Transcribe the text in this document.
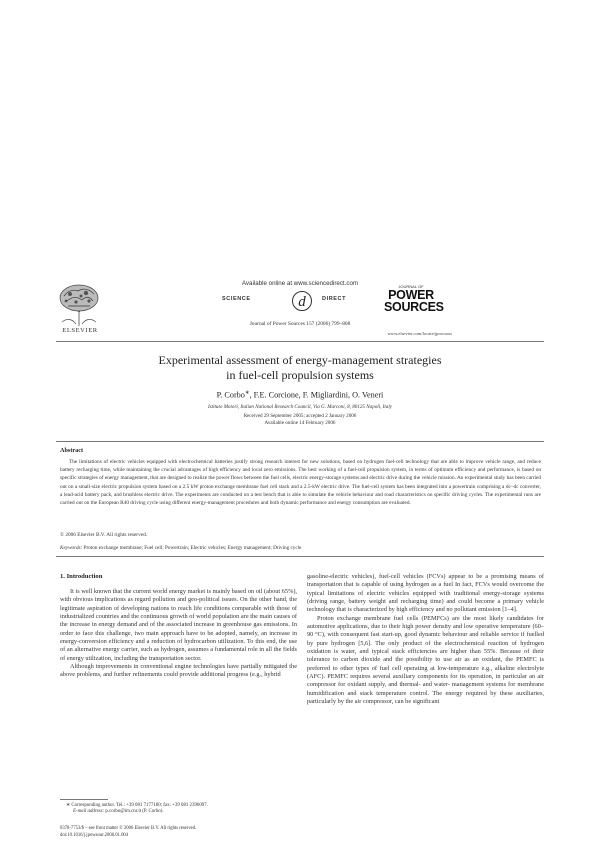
ELSEVIER
Available online at www.sciencedirect.com
SCIENCE	d	DIRECT
Journal of Power Sources 157 (2006) 799–808
JOURNAL OF
POWER
SOURCES
www.elsevier.com/locate/jpowsour
Experimental assessment of energy-management strategies
in fuel-cell propulsion systems
P. Corbo∗, F.E. Corcione, F. Migliardini, O. Veneri
Istituto Motori, Italian National Research Council, Via G. Marconi, 8, 80125 Napoli, Italy
Received 29 September 2005; accepted 2 January 2006
Available online 14 February 2006
Abstract
The limitations of electric vehicles equipped with electrochemical batteries justify strong research interest for new solutions, based on hydrogen fuel-cell technology that are able to improve vehicle range, and reduce battery recharging time, while maintaining the crucial advantages of high efficiency and local zero emissions. The best working of a fuel-cell propulsion system, in terms of optimum efficiency and performance, is based on specific strategies of energy management, that are designed to realize the power flows between the fuel cells, electric energy-storage systems and electric drive during the vehicle mission. An experimental study has been carried out on a small-size electric propulsion system based on a 2.5 kW proton exchange membrane fuel cell stack and a 2.5-kW electric drive. The fuel-cell system has been integrated into a powertrain comprising a dc–dc converter, a lead-acid battery pack, and brushless electric drive. The experiments are conducted on a test bench that is able to simulate the vehicle behaviour and road characteristics on specific driving cycles. The experimental runs are carried out on the European R40 driving cycle using different energy-management procedures and both dynamic performance and energy consumption are evaluated.
© 2006 Elsevier B.V. All rights reserved.
Keywords: Proton exchange membrane; Fuel cell; Powertrain; Electric vehicles; Energy management; Driving cycle
1. Introduction

It is well known that the current world energy market is mainly based on oil (about 65%), with obvious implications as regard pollution and geo-political issues. On the other hand, the legitimate aspiration of developing nations to reach life conditions comparable with those of industrialized countries and the continuous growth of world population are the main causes of the increase in energy demand and of the associated increase in greenhouse gas emissions. In order to face this challenge, two main approach have to be adopted, namely, an increase in energy-conversion efficiency and a reduction of hydrocarbon utilization. To this end, the use of an alternative energy carrier, such as hydrogen, assumes a fundamental role in all the fields of energy utilization, including the transportation sector.

Although improvements in conventional engine technologies have partially mitigated the above problems, and further refinements could provide additional progress (e.g., hybrid

gasoline-electric vehicles), fuel-cell vehicles (FCVs) appear to be a promising means of transportation that is capable of using hydrogen as a fuel In fact, FCVs would overcome the typical limitations of electric vehicles equipped with traditional energy-storage systems (driving range, battery weight and recharging time) and could become a primary vehicle technology that is characterized by high efficiency and no pollutant emission [1–4].

Proton exchange membrane fuel cells (PEMFCs) are the most likely candidates for automotive applications, due to their high power density and low operative temperature (60–90 °C), with consequent fast start-up, good dynamic behaviour and reliable service if fuelled by pure hydrogen [5,6]. The only product of the electrochemical reaction of hydrogen oxidation is water, and typical stack efficiencies are higher than 55%. Because of their tolerance to carbon dioxide and the possibility to use air as an oxidant, the PEMFC is preferred to other types of fuel cell operating at low-temperature e.g., alkaline electrolyte (AFC). PEMFC requires several auxiliary components for its operation, in particular an air compressor for oxidant supply, and thermal- and water- management systems for membrane humidification and stack temperature control. The energy required by these auxiliaries, particularly by the air compressor, can be significant

∗ Corresponding author. Tel.: +39 081 7177180; fax: +39 081 2396097.
E-mail address: p.corbo@im.cnr.it (P. Corbo).
0378-7753/$ – see front matter © 2006 Elsevier B.V. All rights reserved.
doi:10.1016/j.jpowsour.2006.01.004
